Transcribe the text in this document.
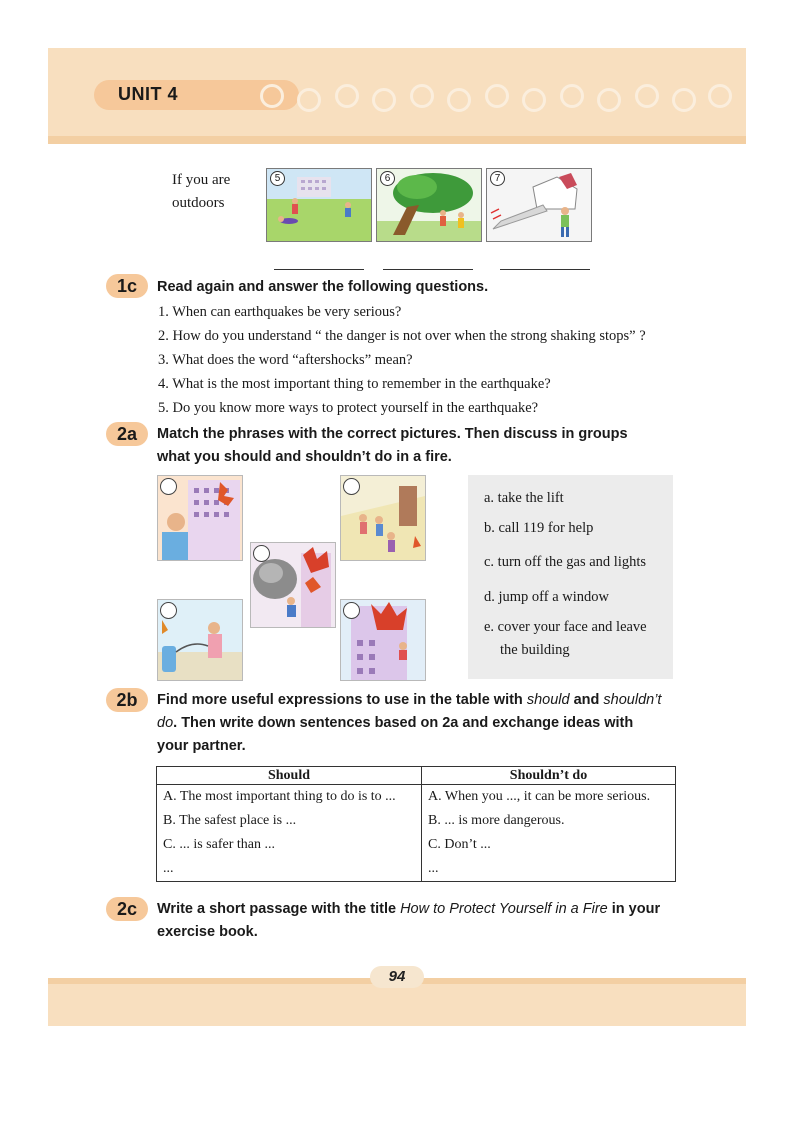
UNIT 4
If you are outdoors
5	6	7
1c	Read again and answer the following questions.
1. When can earthquakes be very serious?
2. How do you understand “ the danger is not over when the strong shaking stops” ?
3. What does the word “aftershocks” mean?
4. What is the most important thing to remember in the earthquake?
5. Do you know more ways to protect yourself in the earthquake?
2a	Match the phrases with the correct pictures. Then discuss in groups
what you should and shouldn’t do in a fire.
a. take the lift
b. call 119 for help
c. turn off the gas and lights
d. jump off a window
e. cover your face and leave
the building
2b	Find more useful expressions to use in the table with should and shouldn’t
do. Then write down sentences based on 2a and exchange ideas with
your partner.
Should	Shouldn’t do
A. The most important thing to do is to ...	A. When you ..., it can be more serious.
B. The safest place is ...	B. ... is more dangerous.
C. ... is safer than ...	C. Don’t ...
...	...
2c	Write a short passage with the title How to Protect Yourself in a Fire in your
exercise book.
94
